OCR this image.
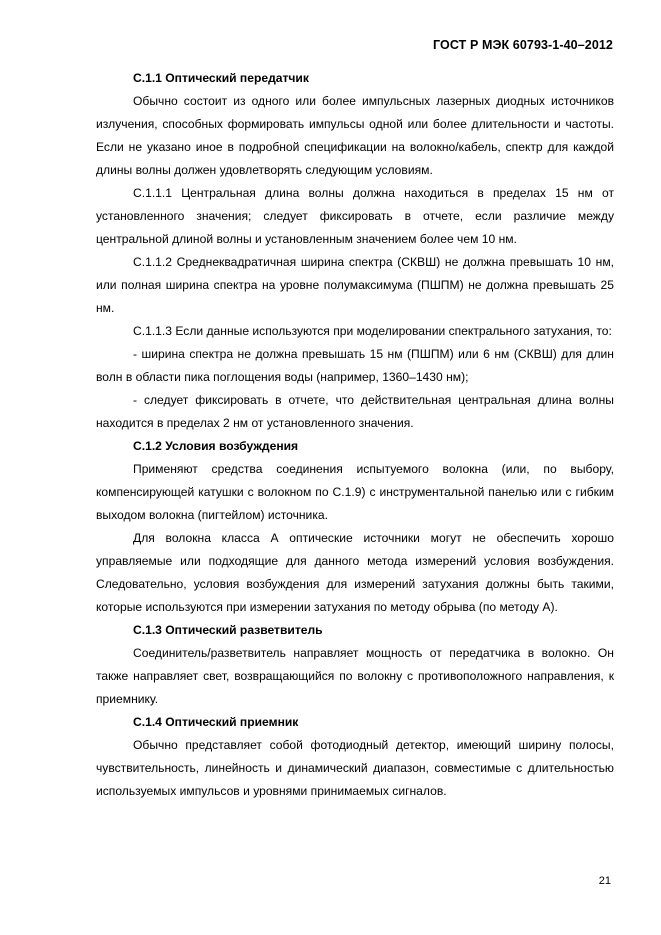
ГОСТ Р МЭК 60793-1-40–2012

С.1.1 Оптический передатчик

Обычно состоит из одного или более импульсных лазерных диодных источников излучения, способных формировать импульсы одной или более длительности и частоты. Если не указано иное в подробной спецификации на волокно/кабель, спектр для каждой длины волны должен удовлетворять следующим условиям.

С.1.1.1 Центральная длина волны должна находиться в пределах 15 нм от установленного значения; следует фиксировать в отчете, если различие между центральной длиной волны и установленным значением более чем 10 нм.

С.1.1.2 Среднеквадратичная ширина спектра (СКВШ) не должна превышать 10 нм, или полная ширина спектра на уровне полумаксимума (ПШПМ) не должна превышать 25 нм.

С.1.1.3 Если данные используются при моделировании спектрального затухания, то:

- ширина спектра не должна превышать 15 нм (ПШПМ) или 6 нм (СКВШ) для длин волн в области пика поглощения воды (например, 1360–1430 нм);

- следует фиксировать в отчете, что действительная центральная длина волны находится в пределах 2 нм от установленного значения.

С.1.2 Условия возбуждения

Применяют средства соединения испытуемого волокна (или, по выбору, компенсирующей катушки с волокном по С.1.9) с инструментальной панелью или с гибким выходом волокна (пигтейлом) источника.

Для волокна класса А оптические источники могут не обеспечить хорошо управляемые или подходящие для данного метода измерений условия возбуждения. Следовательно, условия возбуждения для измерений затухания должны быть такими, которые используются при измерении затухания по методу обрыва (по методу А).

С.1.3 Оптический разветвитель

Соединитель/разветвитель направляет мощность от передатчика в волокно. Он также направляет свет, возвращающийся по волокну с противоположного направления, к приемнику.

С.1.4 Оптический приемник

Обычно представляет собой фотодиодный детектор, имеющий ширину полосы, чувствительность, линейность и динамический диапазон, совместимые с длительностью используемых импульсов и уровнями принимаемых сигналов.

21
